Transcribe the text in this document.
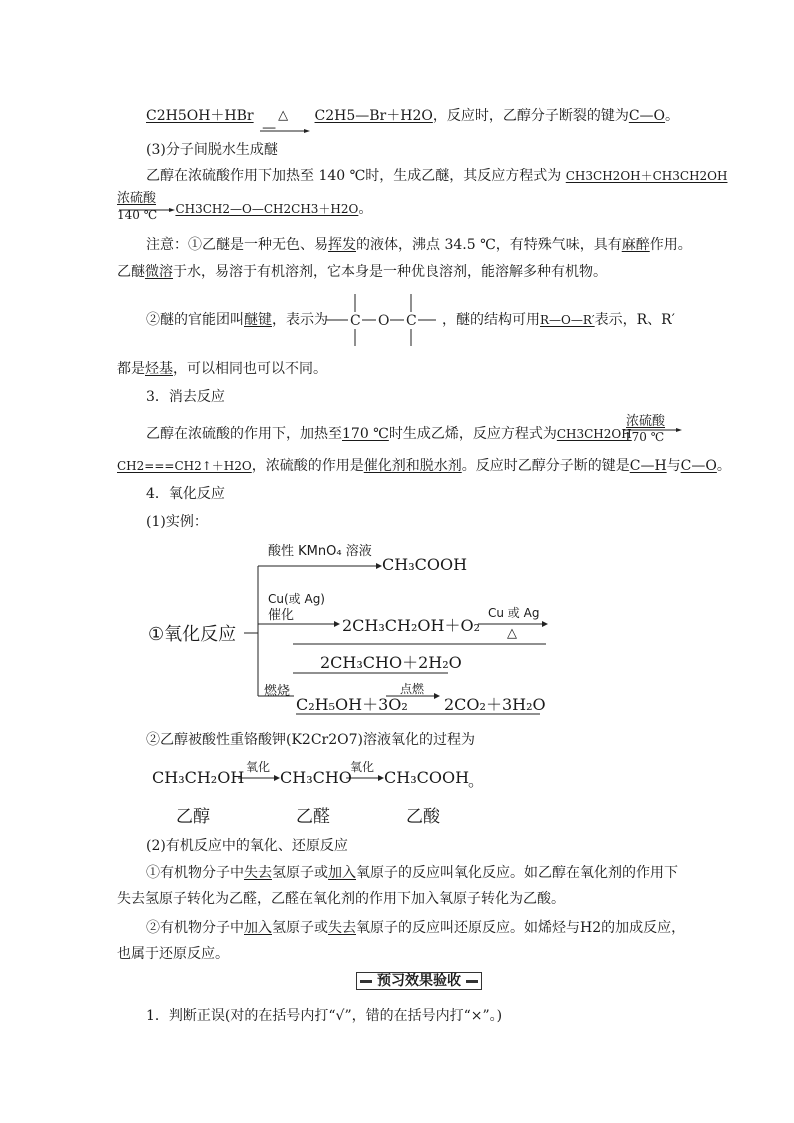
C2H5OH＋HBr △
—　
C2H5—Br＋H2O，反应时，乙醇分子断裂的键为C—O。
(3)分子间脱水生成醚
乙醇在浓硫酸作用下加热至 140 ℃时，生成乙醚，其反应方程式为 CH3CH2OH＋CH3CH2OH
浓硫酸
140 ℃ CH3CH2—O—CH2CH3＋H2O。
注意：①乙醚是一种无色、易挥发的液体，沸点 34.5 ℃，有特殊气味，具有麻醉作用。
乙醚微溶于水，易溶于有机溶剂，它本身是一种优良溶剂，能溶解多种有机物。
②醚的官能团叫醚键，表示为 C O C ，醚的结构可用R—O—R′表示，R、R′
都是烃基，可以相同也可以不同。
3．消去反应
乙醇在浓硫酸的作用下，加热至170 ℃时生成乙烯，反应方程式为CH3CH2OH
浓硫酸
170 ℃
CH2===CH2↑＋H2O，浓硫酸的作用是催化剂和脱水剂。反应时乙醇分子断的键是C—H与C—O。
4．氧化反应
(1)实例：
①氧化反应
酸性 KMnO₄ 溶液
CH₃COOH
Cu(或 Ag)
催化
2CH₃CH₂OH＋O₂
Cu 或 Ag
△
2CH₃CHO＋2H₂O
燃烧
C₂H₅OH＋3O₂
点燃
2CO₂＋3H₂O
②乙醇被酸性重铬酸钾(K2Cr2O7)溶液氧化的过程为
CH₃CH₂OH
氧化
CH₃CHO
氧化
CH₃COOH
。
乙醇	乙醛	乙酸
(2)有机反应中的氧化、还原反应
①有机物分子中失去氢原子或加入氧原子的反应叫氧化反应。如乙醇在氧化剂的作用下
失去氢原子转化为乙醛，乙醛在氧化剂的作用下加入氧原子转化为乙酸。
②有机物分子中加入氢原子或失去氧原子的反应叫还原反应。如烯烃与H2的加成反应，
也属于还原反应。
预习效果验收
1．判断正误(对的在括号内打“√”，错的在括号内打“×”。)
